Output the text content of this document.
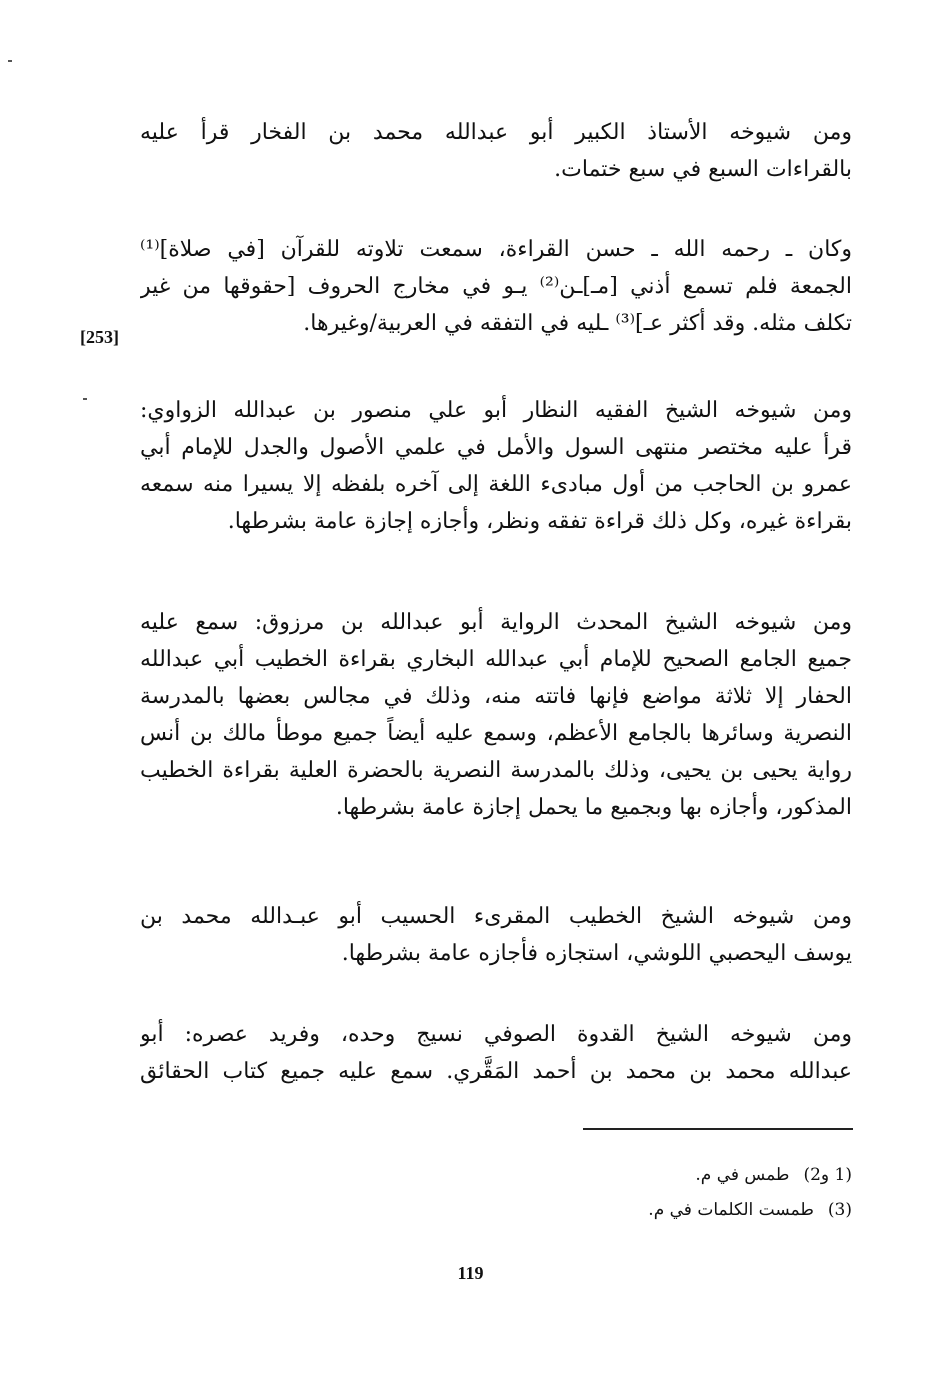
ومن شيوخه الأستاذ الكبير أبو عبدالله محمد بن الفخار قرأ عليه
بالقراءات السبع في سبع ختمات.

وكان ـ رحمه الله ـ حسن القراءة، سمعت تلاوته للقرآن [في صلاة]⁽¹⁾
الجمعة فلم تسمع أذني [مـ]ـن⁽²⁾ يـو في مخارج الحروف [حقوقها من غير
تكلف مثله. وقد أكثر عـ]⁽³⁾ ـليه في التفقه في العربية/وغيرها.

[253]

ومن شيوخه الشيخ الفقيه النظار أبو علي منصور بن عبدالله الزواوي:
قرأ عليه مختصر منتهى السول والأمل في علمي الأصول والجدل للإمام أبي
عمرو بن الحاجب من أول مبادىء اللغة إلى آخره بلفظه إلا يسيرا منه سمعه
بقراءة غيره، وكل ذلك قراءة تفقه ونظر، وأجازه إجازة عامة بشرطها.

ومن شيوخه الشيخ المحدث الرواية أبو عبدالله بن مرزوق: سمع عليه
جميع الجامع الصحيح للإمام أبي عبدالله البخاري بقراءة الخطيب أبي عبدالله
الحفار إلا ثلاثة مواضع فإنها فاتته منه، وذلك في مجالس بعضها بالمدرسة
النصرية وسائرها بالجامع الأعظم، وسمع عليه أيضاً جميع موطأ مالك بن أنس
رواية يحيى بن يحيى، وذلك بالمدرسة النصرية بالحضرة العلية بقراءة الخطيب
المذكور، وأجازه بها وبجميع ما يحمل إجازة عامة بشرطها.

ومن شيوخه الشيخ الخطيب المقرىء الحسيب أبو عبـدالله محمد بن
يوسف اليحصبي اللوشي، استجازه فأجازه عامة بشرطها.

ومن شيوخه الشيخ القدوة الصوفي نسيج وحده، وفريد عصره: أبو
عبدالله محمد بن محمد بن أحمد المَقَّري. سمع عليه جميع كتاب الحقائق

(1 و2)طمس في م.
(3)طمست الكلمات في م.
119
